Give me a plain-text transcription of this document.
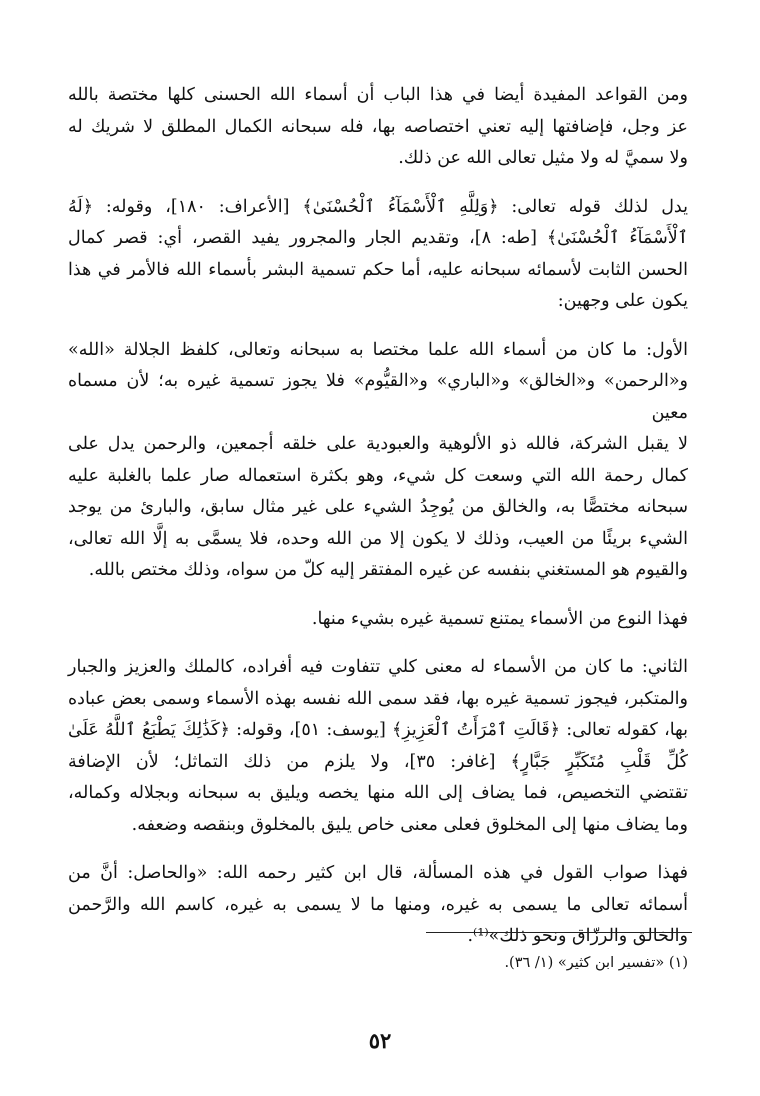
ومن القواعد المفيدة أيضا في هذا الباب أن أسماء الله الحسنى كلها مختصة بالله
عز وجل، فإضافتها إليه تعني اختصاصه بها، فله سبحانه الكمال المطلق لا شريك له
ولا سميَّ له ولا مثيل تعالى الله عن ذلك.

يدل لذلك قوله تعالى: ﴿وَلِلَّهِ ٱلْأَسْمَآءُ ٱلْحُسْنَىٰ﴾ [الأعراف: ١٨٠]، وقوله: ﴿لَهُ
ٱلْأَسْمَآءُ ٱلْحُسْنَىٰ﴾ [طه: ٨]، وتقديم الجار والمجرور يفيد القصر، أي: قصر كمال
الحسن الثابت لأسمائه سبحانه عليه، أما حكم تسمية البشر بأسماء الله فالأمر في هذا
يكون على وجهين:

الأول: ما كان من أسماء الله علما مختصا به سبحانه وتعالى، كلفظ الجلالة «الله»
و«الرحمن» و«الخالق» و«الباري» و«القيُّوم» فلا يجوز تسمية غيره به؛ لأن مسماه معين
لا يقبل الشركة، فالله ذو الألوهية والعبودية على خلقه أجمعين، والرحمن يدل على
كمال رحمة الله التي وسعت كل شيء، وهو بكثرة استعماله صار علما بالغلبة عليه
سبحانه مختصًّا به، والخالق من يُوجِدُ الشيء على غير مثال سابق، والبارئ من يوجد
الشيء بريئًا من العيب، وذلك لا يكون إلا من الله وحده، فلا يسمَّى به إلَّا الله تعالى،
والقيوم هو المستغني بنفسه عن غيره المفتقر إليه كلّ من سواه، وذلك مختص بالله.

فهذا النوع من الأسماء يمتنع تسمية غيره بشيء منها.

الثاني: ما كان من الأسماء له معنى كلي تتفاوت فيه أفراده، كالملك والعزيز والجبار
والمتكبر، فيجوز تسمية غيره بها، فقد سمى الله نفسه بهذه الأسماء وسمى بعض عباده
بها، كقوله تعالى: ﴿قَالَتِ ٱمْرَأَتُ ٱلْعَزِيزِ﴾ [يوسف: ٥١]، وقوله: ﴿كَذَٰلِكَ يَطْبَعُ ٱللَّهُ عَلَىٰ
كُلِّ قَلْبِ مُتَكَبِّرٍ جَبَّارٍ﴾ [غافر: ٣٥]، ولا يلزم من ذلك التماثل؛ لأن الإضافة
تقتضي التخصيص، فما يضاف إلى الله منها يخصه ويليق به سبحانه وبجلاله وكماله،
وما يضاف منها إلى المخلوق فعلى معنى خاص يليق بالمخلوق وبنقصه وضعفه.

فهذا صواب القول في هذه المسألة، قال ابن كثير رحمه الله: «والحاصل: أنَّ من
أسمائه تعالى ما يسمى به غيره، ومنها ما لا يسمى به غيره، كاسم الله والرَّحمن
والخالق والرزّاق ونحو ذلك»⁽¹⁾.

(١) «تفسير ابن كثير» (١/ ٣٦).
٥٢
